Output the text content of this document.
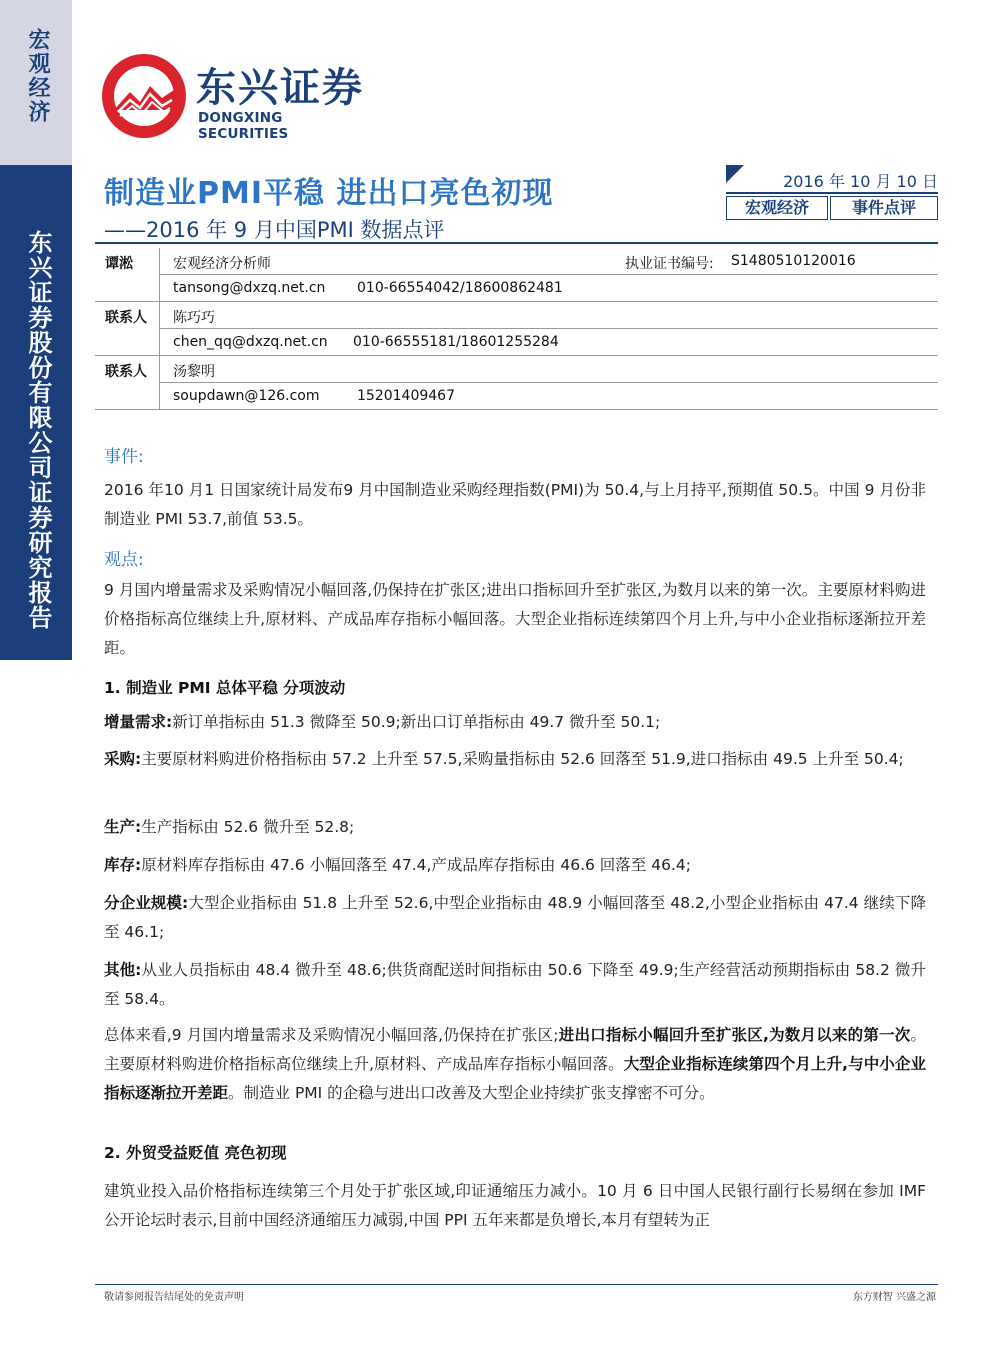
宏观经济
东兴证券股份有限公司证券研究报告
东兴证券
DONGXING SECURITIES
制造业PMI平稳 进出口亮色初现
——2016 年 9 月中国PMI 数据点评
2016 年 10 月 10 日
宏观经济	事件点评
谭淞	宏观经济分析师	执业证书编号: S1480510120016
tansong@dxzq.net.cn 010-66554042/18600862481
联系人 陈巧巧
chen_qq@dxzq.net.cn 010-66555181/18601255284
联系人 汤黎明
soupdawn@126.com	15201409467
事件:
2016 年10 月1 日国家统计局发布9 月中国制造业采购经理指数(PMI)为 50.4,与上月持平,预期值 50.5。中国 9 月份非制造业 PMI 53.7,前值 53.5。
观点:
9 月国内增量需求及采购情况小幅回落,仍保持在扩张区;进出口指标回升至扩张区,为数月以来的第一次。主要原材料购进价格指标高位继续上升,原材料、产成品库存指标小幅回落。大型企业指标连续第四个月上升,与中小企业指标逐渐拉开差距。
1. 制造业 PMI 总体平稳 分项波动
增量需求:新订单指标由 51.3 微降至 50.9;新出口订单指标由 49.7 微升至 50.1;
采购:主要原材料购进价格指标由 57.2 上升至 57.5,采购量指标由 52.6 回落至 51.9,进口指标由 49.5 上升至 50.4;
生产:生产指标由 52.6 微升至 52.8;
库存:原材料库存指标由 47.6 小幅回落至 47.4,产成品库存指标由 46.6 回落至 46.4;
分企业规模:大型企业指标由 51.8 上升至 52.6,中型企业指标由 48.9 小幅回落至 48.2,小型企业指标由 47.4 继续下降至 46.1;
其他:从业人员指标由 48.4 微升至 48.6;供货商配送时间指标由 50.6 下降至 49.9;生产经营活动预期指标由 58.2 微升至 58.4。
总体来看,9 月国内增量需求及采购情况小幅回落,仍保持在扩张区;进出口指标小幅回升至扩张区,为数月以来的第一次。主要原材料购进价格指标高位继续上升,原材料、产成品库存指标小幅回落。大型企业指标连续第四个月上升,与中小企业指标逐渐拉开差距。制造业 PMI 的企稳与进出口改善及大型企业持续扩张支撑密不可分。
2. 外贸受益贬值 亮色初现
建筑业投入品价格指标连续第三个月处于扩张区域,印证通缩压力减小。10 月 6 日中国人民银行副行长易纲在参加 IMF 公开论坛时表示,目前中国经济通缩压力减弱,中国 PPI 五年来都是负增长,本月有望转为正
敬请参阅报告结尾处的免责声明	东方财智 兴盛之源
